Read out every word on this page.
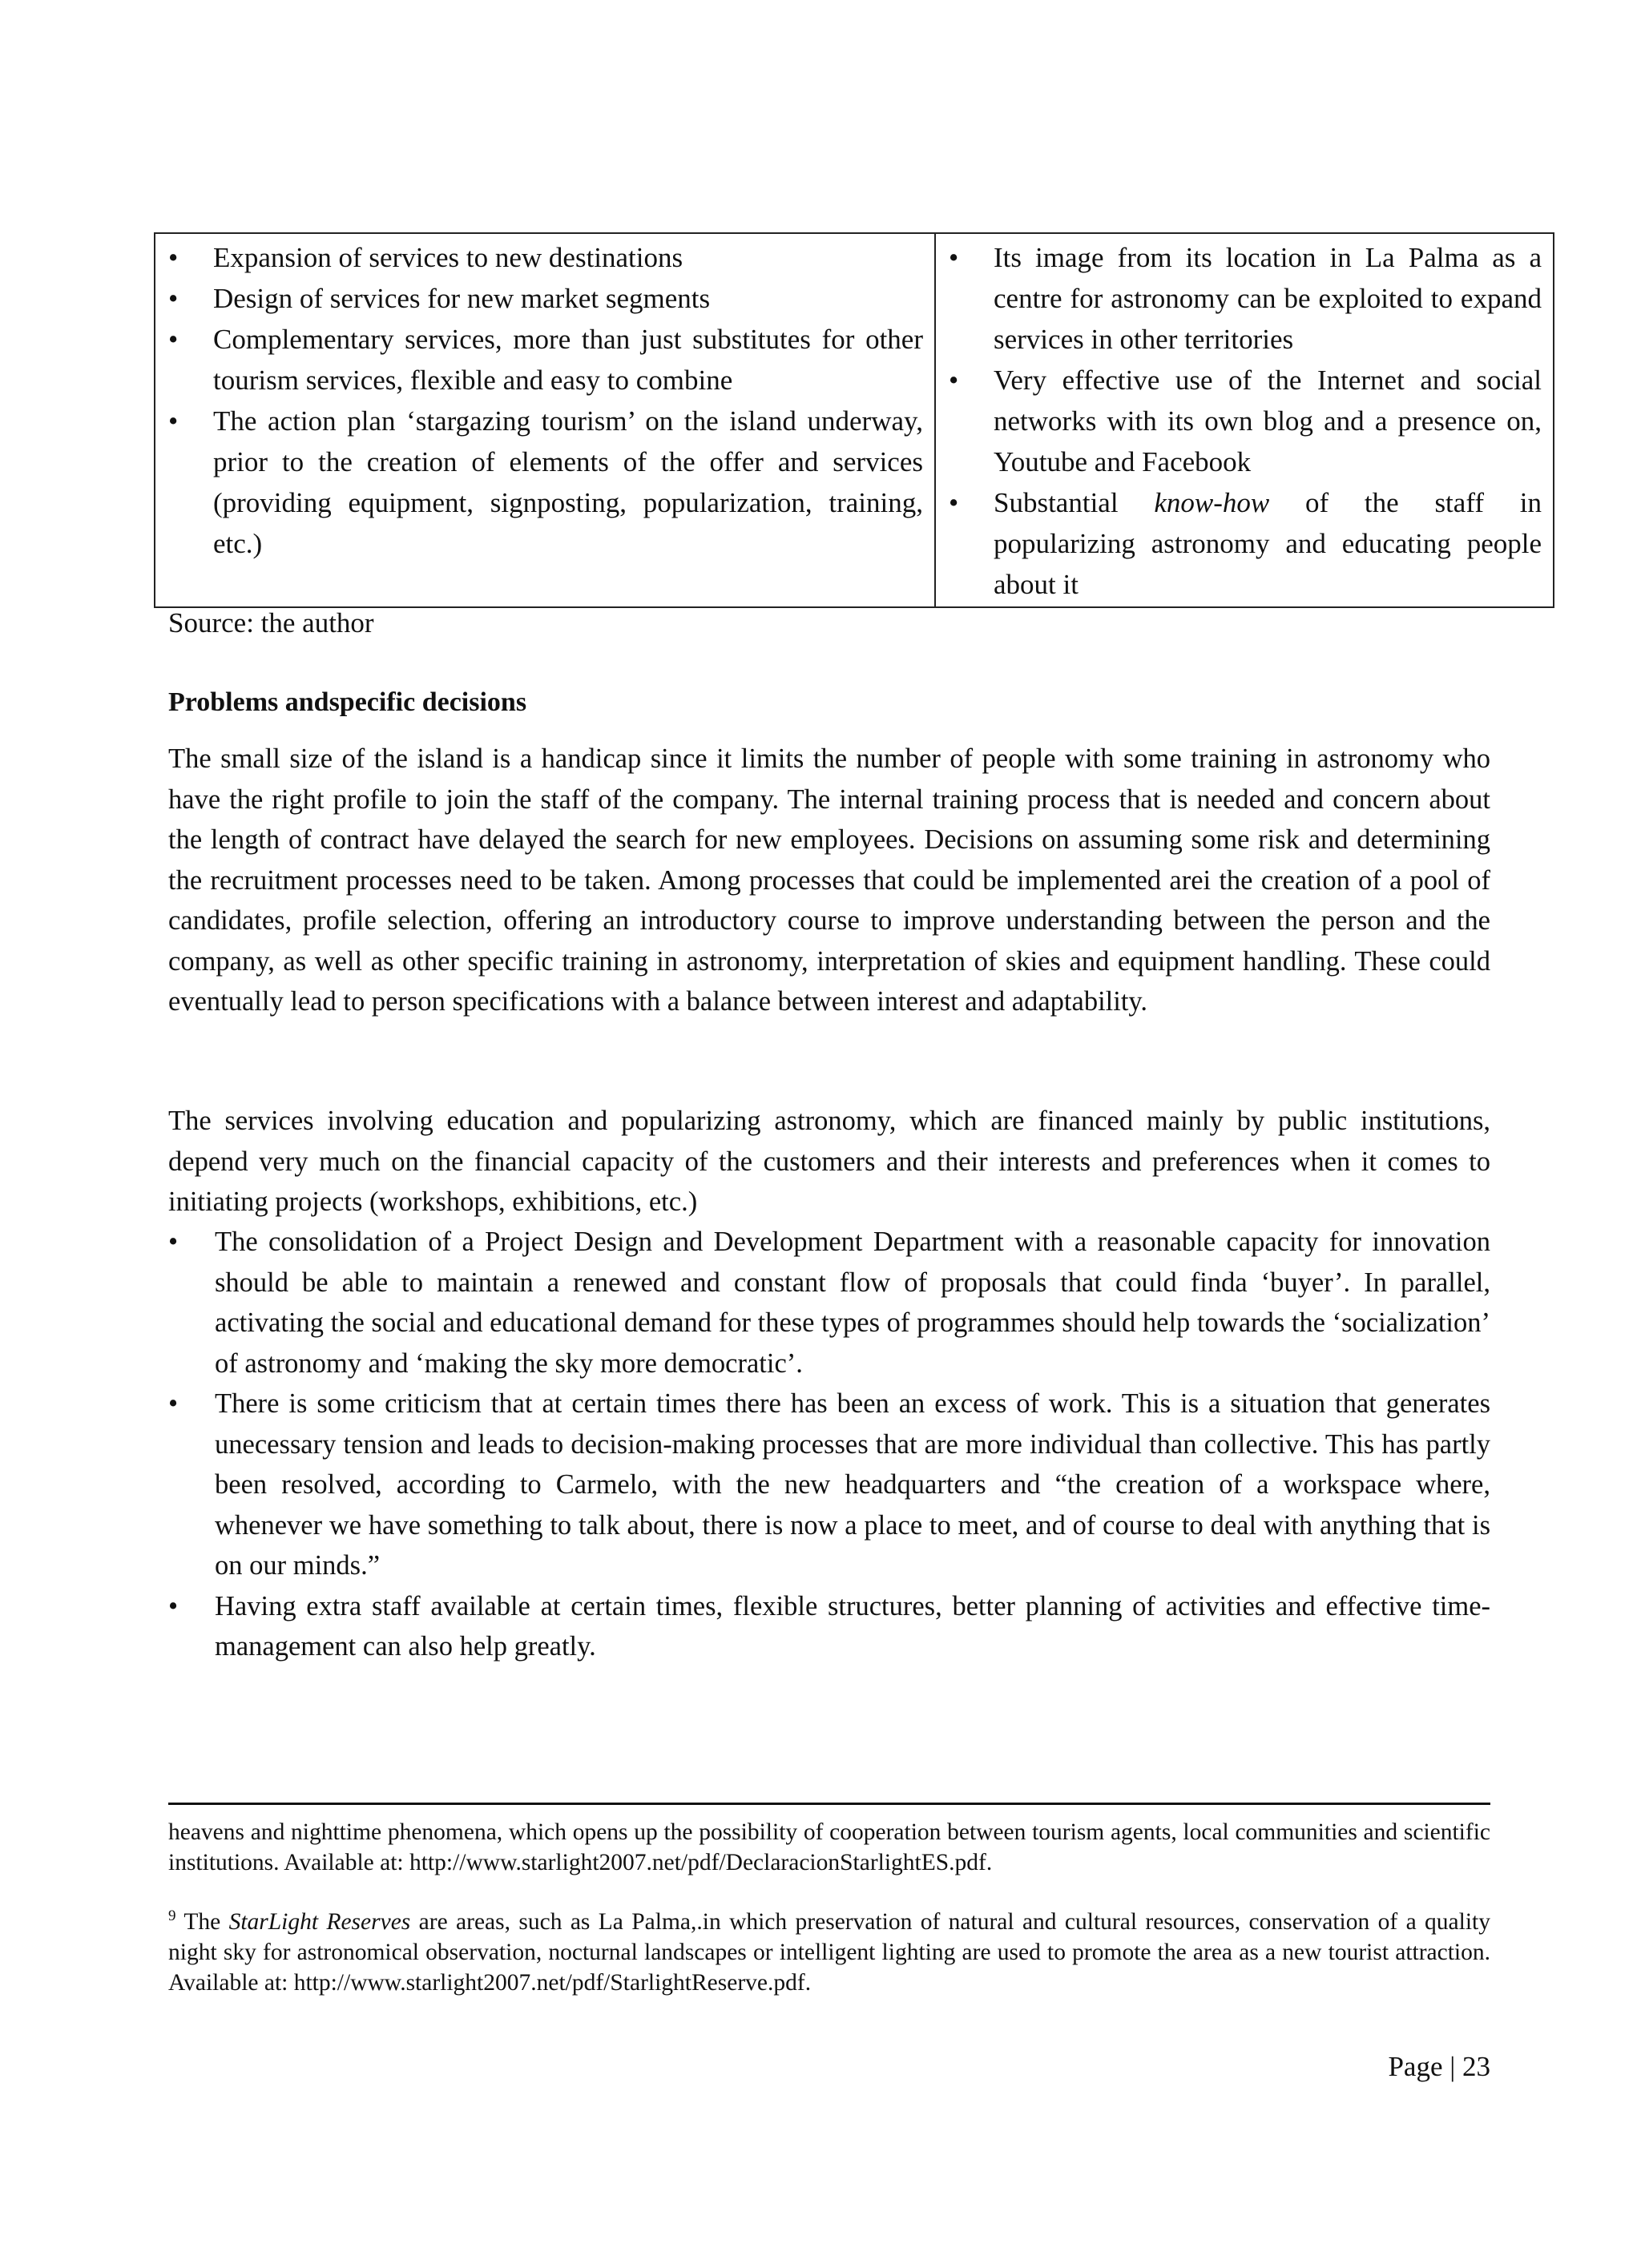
• Expansion of services to new destinations
• Design of services for new market segments
• Complementary services, more than just substitutes for other tourism services, flexible and easy to combine
• The action plan ‘stargazing tourism’ on the island underway, prior to the creation of elements of the offer and services (providing equipment, signposting, popularization, training, etc.)

• Its image from its location in La Palma as a centre for astronomy can be exploited to expand services in other territories
• Very effective use of the Internet and social networks with its own blog and a presence on, Youtube and Facebook
• Substantial know-how of the staff in popularizing astronomy and educating people about it
Source: the author
Problems andspecific decisions

The small size of the island is a handicap since it limits the number of people with some training in astronomy who have the right profile to join the staff of the company. The internal training process that is needed and concern about the length of contract have delayed the search for new employees. Decisions on assuming some risk and determining the recruitment processes need to be taken. Among processes that could be implemented arei the creation of a pool of candidates, profile selection, offering an introductory course to improve understanding between the person and the company, as well as other specific training in astronomy, interpretation of skies and equipment handling. These could eventually lead to person specifications with a balance between interest and adaptability.

The services involving education and popularizing astronomy, which are financed mainly by public institutions, depend very much on the financial capacity of the customers and their interests and preferences when it comes to initiating projects (workshops, exhibitions, etc.)

• The consolidation of a Project Design and Development Department with a reasonable capacity for innovation should be able to maintain a renewed and constant flow of proposals that could finda ‘buyer’. In parallel, activating the social and educational demand for these types of programmes should help towards the ‘socialization’ of astronomy and ‘making the sky more democratic’.
• There is some criticism that at certain times there has been an excess of work. This is a situation that generates unecessary tension and leads to decision-making processes that are more individual than collective. This has partly been resolved, according to Carmelo, with the new headquarters and “the creation of a workspace where, whenever we have something to talk about, there is now a place to meet, and of course to deal with anything that is on our minds.”
• Having extra staff available at certain times, flexible structures, better planning of activities and effective time-management can also help greatly.

heavens and nighttime phenomena, which opens up the possibility of cooperation between tourism agents, local communities and scientific institutions. Available at: http://www.starlight2007.net/pdf/DeclaracionStarlightES.pdf.

$^9$ The StarLight Reserves are areas, such as La Palma,.in which preservation of natural and cultural resources, conservation of a quality night sky for astronomical observation, nocturnal landscapes or intelligent lighting are used to promote the area as a new tourist attraction. Available at: http://www.starlight2007.net/pdf/StarlightReserve.pdf.

Page | 23
